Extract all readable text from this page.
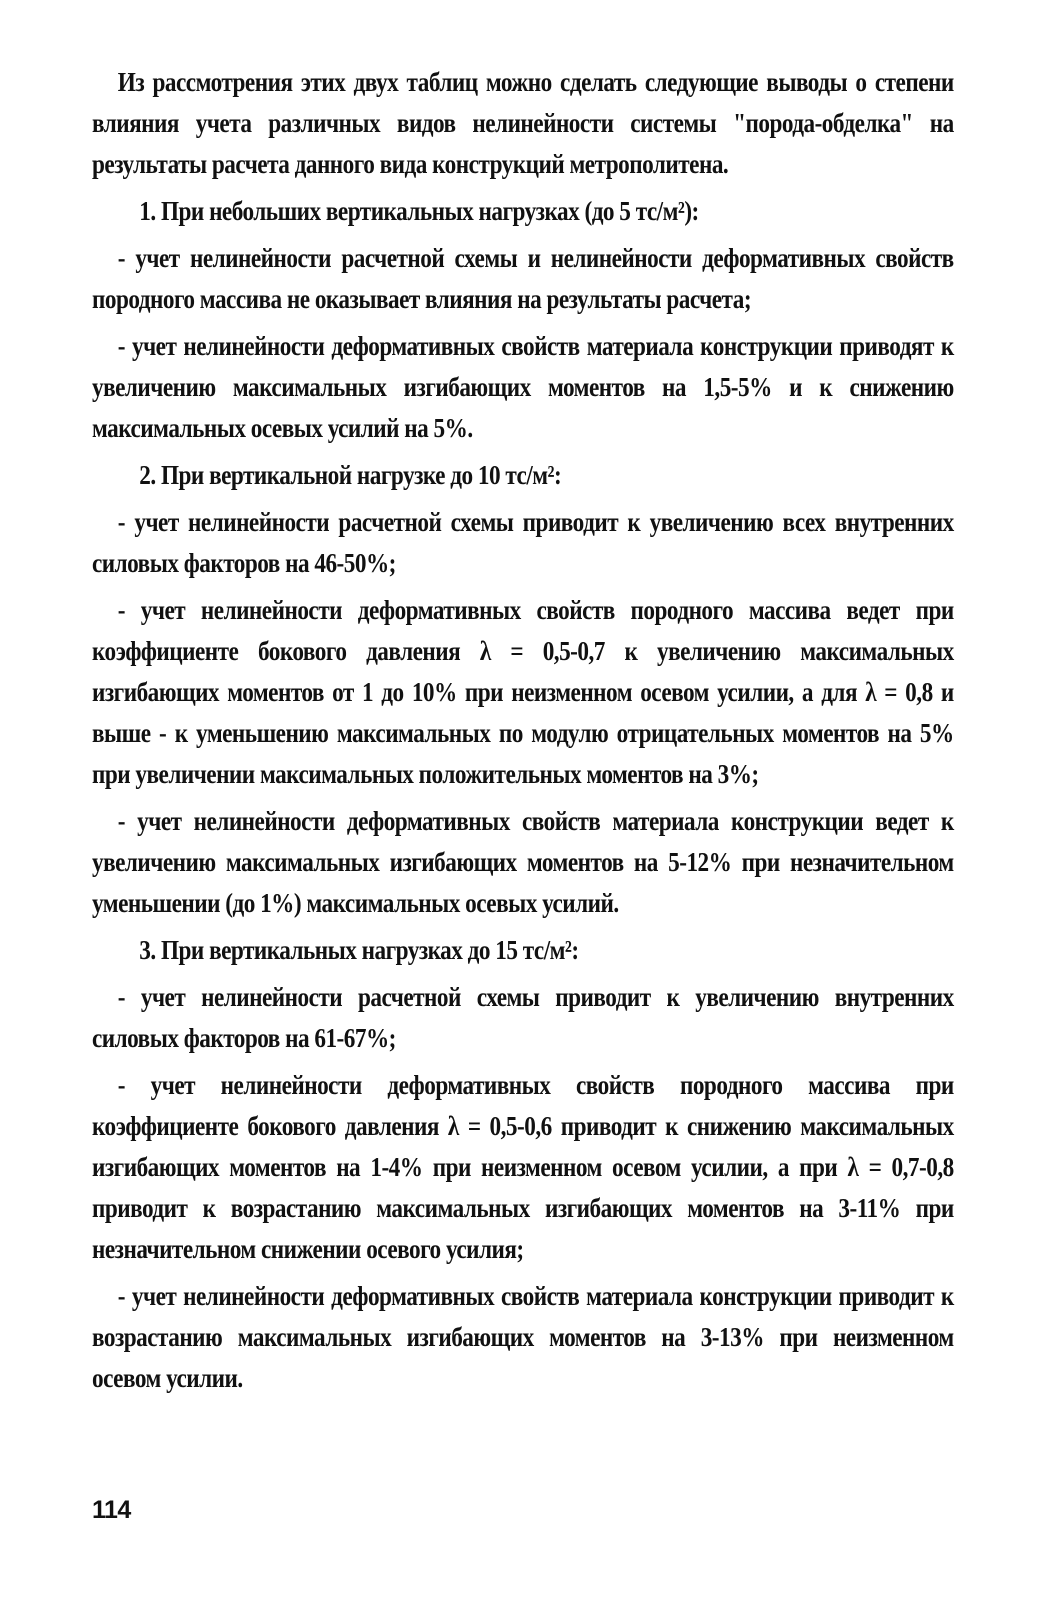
Из рассмотрения этих двух таблиц можно сделать следующие выводы о степени влияния учета различных видов нелинейности системы "порода-обделка" на результаты расчета данного вида конструкций метрополитена.

1. При небольших вертикальных нагрузках (до 5 тс/м²):

- учет нелинейности расчетной схемы и нелинейности деформативных свойств породного массива не оказывает влияния на результаты расчета;

- учет нелинейности деформативных свойств материала конструкции приводят к увеличению максимальных изгибающих моментов на 1,5-5% и к снижению максимальных осевых усилий на 5%.

2. При вертикальной нагрузке до 10 тс/м²:

- учет нелинейности расчетной схемы приводит к увеличению всех внутренних силовых факторов на 46-50%;

- учет нелинейности деформативных свойств породного массива ведет при коэффициенте бокового давления λ = 0,5-0,7 к увеличению максимальных изгибающих моментов от 1 до 10% при неизменном осевом усилии, а для λ = 0,8 и выше - к уменьшению максимальных по модулю отрицательных моментов на 5% при увеличении максимальных положительных моментов на 3%;

- учет нелинейности деформативных свойств материала конструкции ведет к увеличению максимальных изгибающих моментов на 5-12% при незначительном уменьшении (до 1%) максимальных осевых усилий.

3. При вертикальных нагрузках до 15 тс/м²:

- учет нелинейности расчетной схемы приводит к увеличению внутренних силовых факторов на 61-67%;

- учет нелинейности деформативных свойств породного массива при коэффициенте бокового давления λ = 0,5-0,6 приводит к снижению максимальных изгибающих моментов на 1-4% при неизменном осевом усилии, а при λ = 0,7-0,8 приводит к возрастанию максимальных изгибающих моментов на 3-11% при незначительном снижении осевого усилия;

- учет нелинейности деформативных свойств материала конструкции приводит к возрастанию максимальных изгибающих моментов на 3-13% при неизменном осевом усилии.

114
